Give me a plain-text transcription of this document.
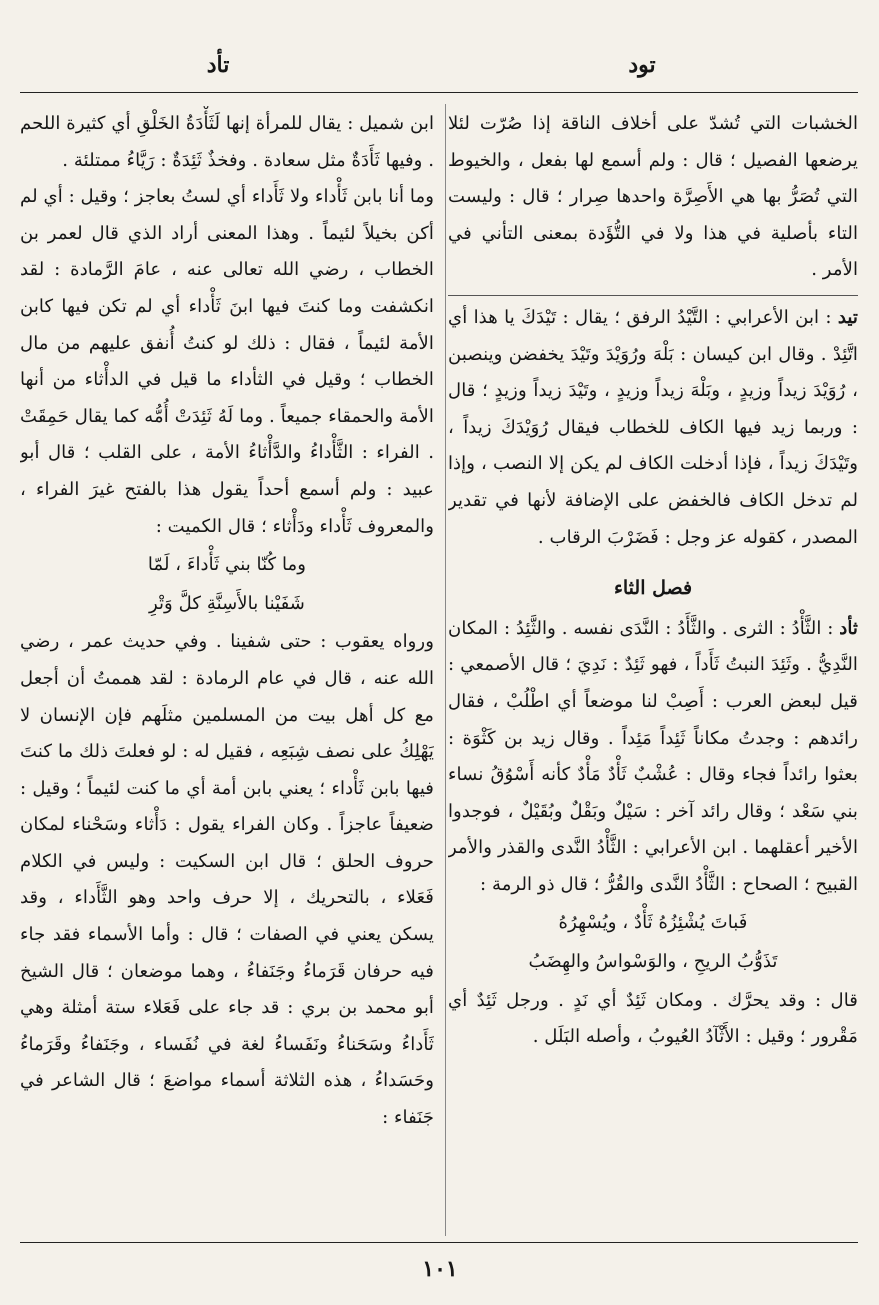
تود
تأد

الخشبات التي تُشدّ على أخلاف الناقة إذا صُرّت لئلا يرضعها الفصيل ؛ قال : ولم أسمع لها بفعل ، والخيوط التي تُصَرُّ بها هي الأَصِرَّة واحدها صِرار ؛ قال : وليست التاء بأصلية في هذا ولا في التُّؤَدة بمعنى التأني في الأمر .

تيد : ابن الأعرابي : التَّيْدُ الرفق ؛ يقال : تَيْدَكَ يا هذا أي اتَّئِدْ . وقال ابن كيسان : بَلْهَ ورُوَيْدَ وتَيْدَ يخفضن وينصبن ، رُوَيْدَ زيداً وزيدٍ ، وبَلْهَ زيداً وزيدٍ ، وتَيْدَ زيداً وزيدٍ ؛ قال : وربما زيد فيها الكاف للخطاب فيقال رُوَيْدَكَ زيداً ، وتَيْدَكَ زيداً ، فإذا أدخلت الكاف لم يكن إلا النصب ، وإذا لم تدخل الكاف فالخفض على الإضافة لأنها في تقدير المصدر ، كقوله عز وجل : فَضَرْبَ الرقاب .

فصل الثاء

ثأد : الثَّأْدُ : الثرى . والثَّأَدُ : النَّدَى نفسه . والثَّئِدُ : المكان النَّدِيُّ . وثَئِدَ النبتُ ثَأَداً ، فهو ثَئِدٌ : نَدِيَ ؛ قال الأصمعي : قيل لبعض العرب : أَصِبْ لنا موضعاً أي اطْلُبْ ، فقال رائدهم : وجدتُ مكاناً ثَئِداً مَئِداً . وقال زيد بن كَثْوَة : بعثوا رائداً فجاء وقال : عُشْبٌ ثَأْدٌ مَأْدٌ كأنه أَسْوُقُ نساء بني سَعْد ؛ وقال رائد آخر : سَيْلٌ وبَقْلٌ وبُقَيْلٌ ، فوجدوا الأخير أعقلهما . ابن الأعرابي : الثَّأْدُ النَّدى والقذر والأمر القبيح ؛ الصحاح : الثَّأْدُ النَّدى والقُرُّ ؛ قال ذو الرمة :

فَباتَ يُشْئِزُهُ ثَأْدٌ ، ويُسْهِرُهُ
تَذَوُّبُ الريحِ ، والوَسْواسُ والهِضَبُ

قال : وقد يحرَّك . ومكان ثَئِدٌ أي نَدٍ . ورجل ثَئِدٌ أي مَقْرور ؛ وقيل : الأَثْآدُ العُيوبُ ، وأصله البَلَل .

ابن شميل : يقال للمرأة إنها لَثَأْدَةُ الخَلْقِ أي كثيرة اللحم . وفيها ثَأَدَةٌ مثل سعادة . وفخذٌ ثَئِدَةٌ : رَيَّاءُ ممتلئة .

وما أنا بابن ثَأْداء ولا ثَأَداء أي لستُ بعاجز ؛ وقيل : أي لم أكن بخيلاً لئيماً . وهذا المعنى أراد الذي قال لعمر بن الخطاب ، رضي الله تعالى عنه ، عامَ الرَّمادة : لقد انكشفت وما كنتَ فيها ابنَ ثَأْداء أي لم تكن فيها كابن الأمة لئيماً ، فقال : ذلك لو كنتُ أُنفق عليهم من مال الخطاب ؛ وقيل في الثأداء ما قيل في الدأْثاء من أنها الأمة والحمقاء جميعاً . وما لَهُ ثَئِدَتْ أُمُّه كما يقال حَمِقَتْ . الفراء : الثَّأْداءُ والدَّأْثاءُ الأمة ، على القلب ؛ قال أبو عبيد : ولم أسمع أحداً يقول هذا بالفتح غيرَ الفراء ، والمعروف ثَأْداء ودَأْثاء ؛ قال الكميت :

وما كُنّا بني ثَأْداءَ ، لَمّا
شَفَيْنا بالأَسِنَّةِ كلَّ وَتْرِ

ورواه يعقوب : حتى شفينا . وفي حديث عمر ، رضي الله عنه ، قال في عام الرمادة : لقد هممتُ أن أجعل مع كل أهل بيت من المسلمين مثلَهم فإن الإنسان لا يَهْلِكُ على نصف شِبَعِه ، فقيل له : لو فعلتَ ذلك ما كنتَ فيها بابن ثَأْداء ؛ يعني بابن أمة أي ما كنت لئيماً ؛ وقيل : ضعيفاً عاجزاً . وكان الفراء يقول : دَأْثاء وسَحْناء لمكان حروف الحلق ؛ قال ابن السكيت : وليس في الكلام فَعَلاء ، بالتحريك ، إلا حرف واحد وهو الثَّأَداء ، وقد يسكن يعني في الصفات ؛ قال : وأما الأسماء فقد جاء فيه حرفان قَرَماءُ وجَنَفاءُ ، وهما موضعان ؛ قال الشيخ أبو محمد بن بري : قد جاء على فَعَلاء ستة أمثلة وهي ثَأَداءُ وسَحَناءُ ونَفَساءُ لغة في نُفَساء ، وجَنَفاءُ وقَرَماءُ وحَسَداءُ ، هذه الثلاثة أسماء مواضعَ ؛ قال الشاعر في جَنَفاء :

١٠١
